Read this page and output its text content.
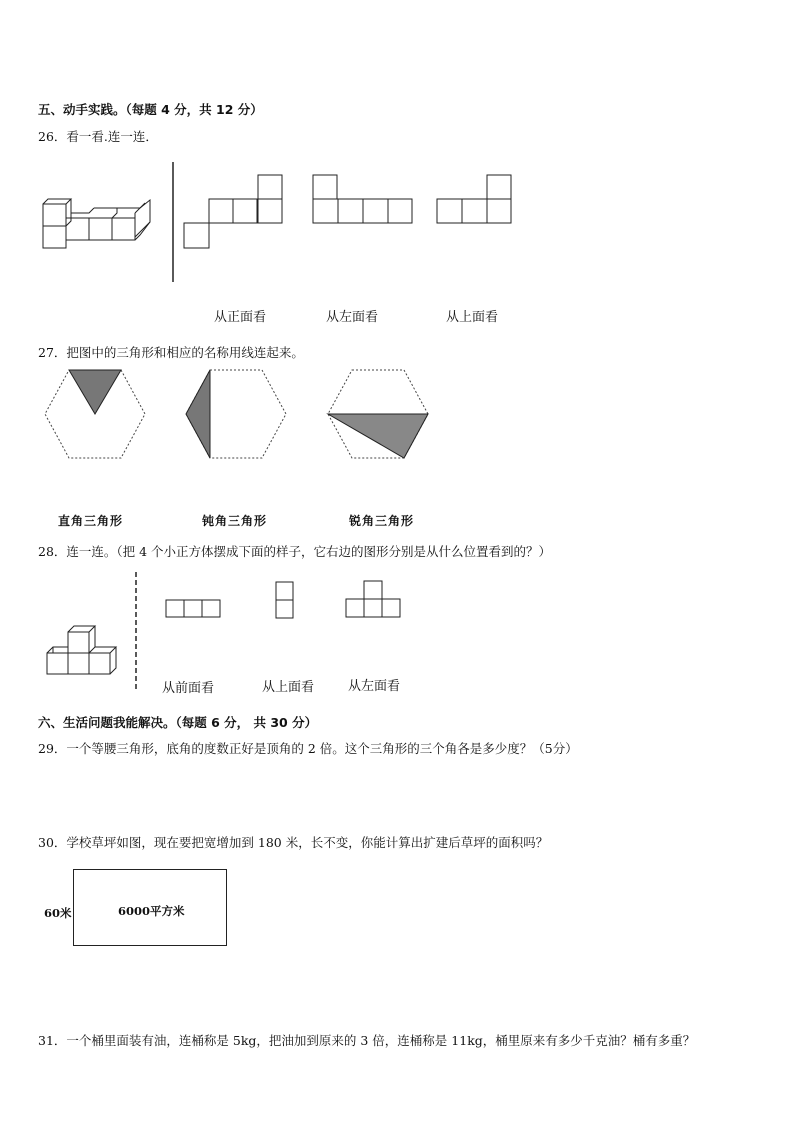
五、动手实践。（每题 4 分，共 12 分）
26．看一看.连一连．
从正面看	从左面看	从上面看
27．把图中的三角形和相应的名称用线连起来。
直角三角形	钝角三角形	锐角三角形
28．连一连。（把 4 个小正方体摆成下面的样子，它右边的图形分别是从什么位置看到的？）
从前面看	从上面看	从左面看
六、生活问题我能解决。（每题 6 分， 共 30 分）
29．一个等腰三角形，底角的度数正好是顶角的 2 倍。这个三角形的三个角各是多少度？（5分）
30．学校草坪如图，现在要把宽增加到 180 米，长不变，你能计算出扩建后草坪的面积吗？
60米	6000平方米
31．一个桶里面装有油，连桶称是 5kg，把油加到原来的 3 倍，连桶称是 11kg，桶里原来有多少千克油？桶有多重？
